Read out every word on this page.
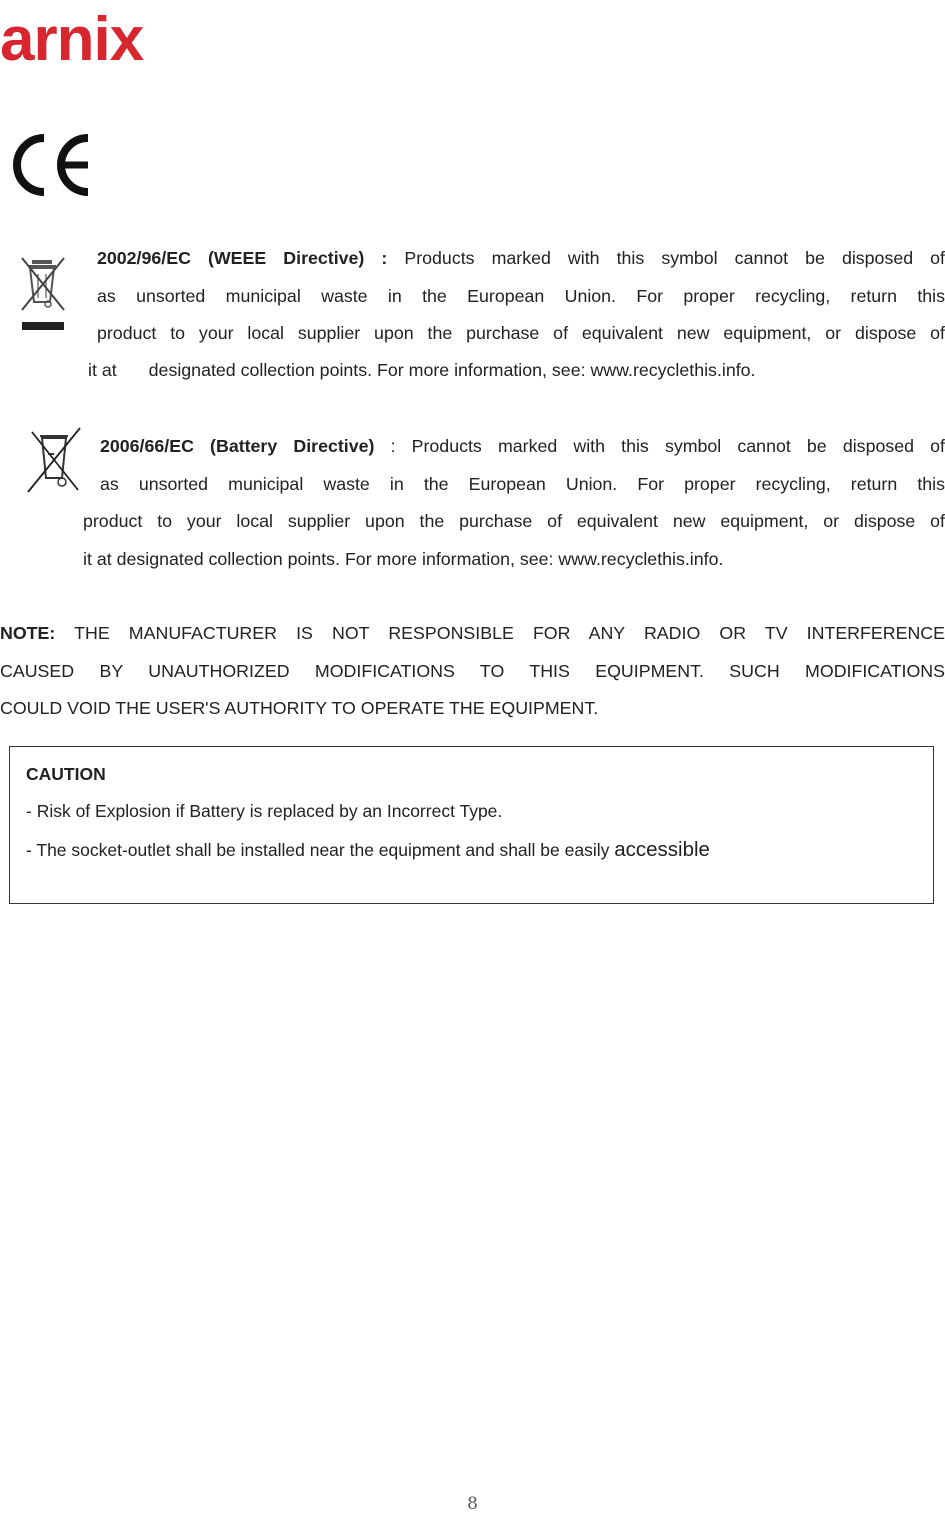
arnix
2002/96/EC (WEEE Directive) : Products marked with this symbol cannot be disposed of
as unsorted municipal waste in the European Union. For proper recycling, return this
product to your local supplier upon the purchase of equivalent new equipment, or dispose of
it at designated collection points. For more information, see: www.recyclethis.info.
2006/66/EC (Battery Directive) : Products marked with this symbol cannot be disposed of
as unsorted municipal waste in the European Union. For proper recycling, return this
product to your local supplier upon the purchase of equivalent new equipment, or dispose of
it at designated collection points. For more information, see: www.recyclethis.info.
NOTE: THE MANUFACTURER IS NOT RESPONSIBLE FOR ANY RADIO OR TV INTERFERENCE
CAUSED BY UNAUTHORIZED MODIFICATIONS TO THIS EQUIPMENT. SUCH MODIFICATIONS
COULD VOID THE USER'S AUTHORITY TO OPERATE THE EQUIPMENT.
CAUTION
- Risk of Explosion if Battery is replaced by an Incorrect Type.
- The socket-outlet shall be installed near the equipment and shall be easily accessible
8
